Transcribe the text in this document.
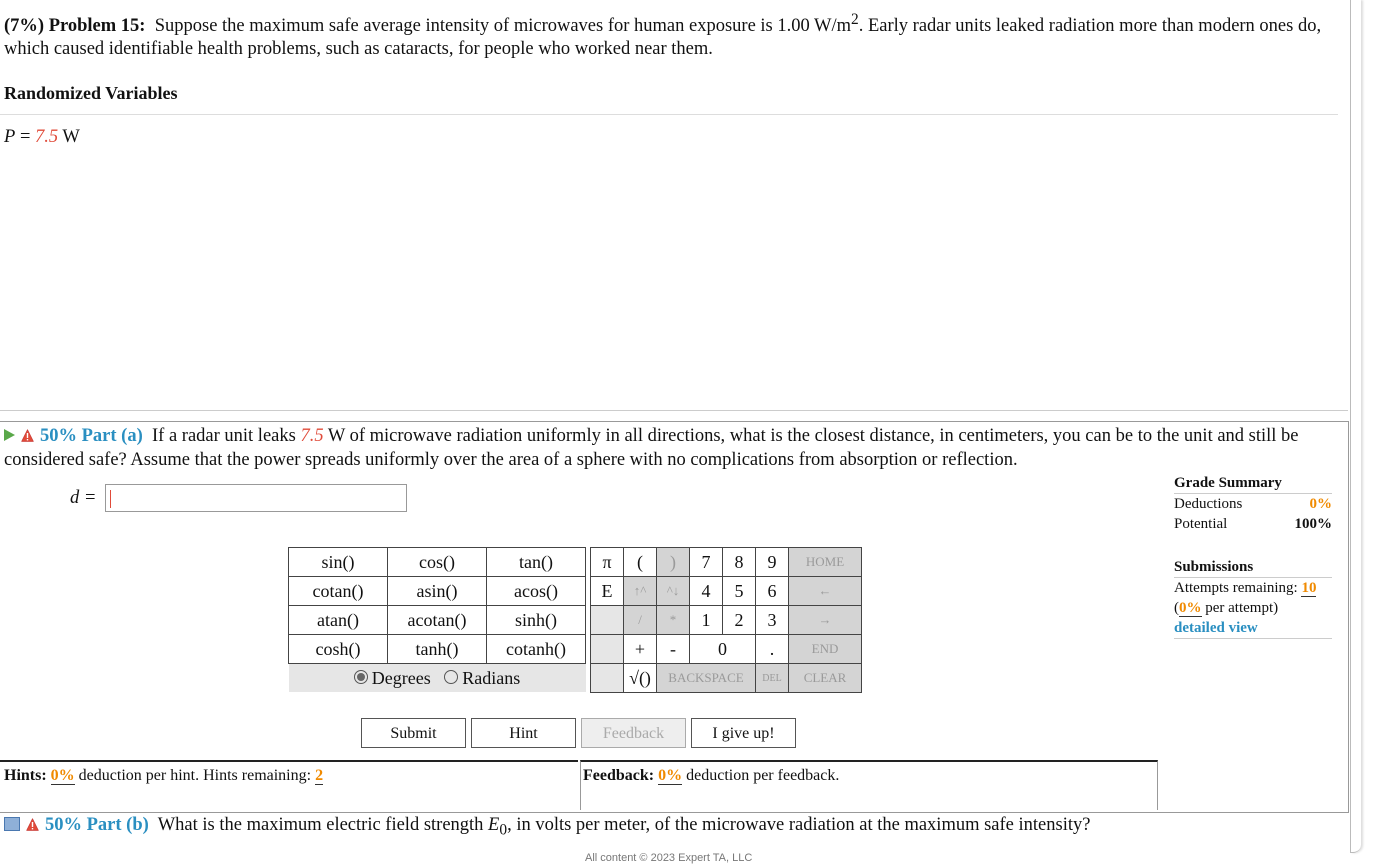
(7%) Problem 15: Suppose the maximum safe average intensity of microwaves for human exposure is 1.00 $W/m^2$. Early radar units leaked radiation more than modern ones do, which caused identifiable health problems, such as cataracts, for people who worked near them.
Randomized Variables
P = 7.5 W
50% Part (a) If a radar unit leaks 7.5 W of microwave radiation uniformly in all directions, what is the closest distance, in centimeters, you can be to the unit and still be considered safe? Assume that the power spreads uniformly over the area of a sphere with no complications from absorption or reflection.
d =
Grade Summary
Deductions	0%
Potential	100%
Submissions
Attempts remaining: 10
(0% per attempt)
detailed view
sin()	cos()	tan()
cotan()	asin()	acos()
atan()	acotan()	sinh()
cosh()	tanh()	cotanh()
Degrees Radians		
π	(	)	7	8	9	HOME
E	↑^	^↓	4	5	6	←
	/	*	1	2	3	→
	+	-	0		.	END
	√()	BACKSPACE			DEL	CLEAR
Submit	Hint	Feedback	I give up!
Hints: 0% deduction per hint. Hints remaining: 2	Feedback: 0% deduction per feedback.
50% Part (b) What is the maximum electric field strength $E_0$, in volts per meter, of the microwave radiation at the maximum safe intensity?
All content © 2023 Expert TA, LLC
